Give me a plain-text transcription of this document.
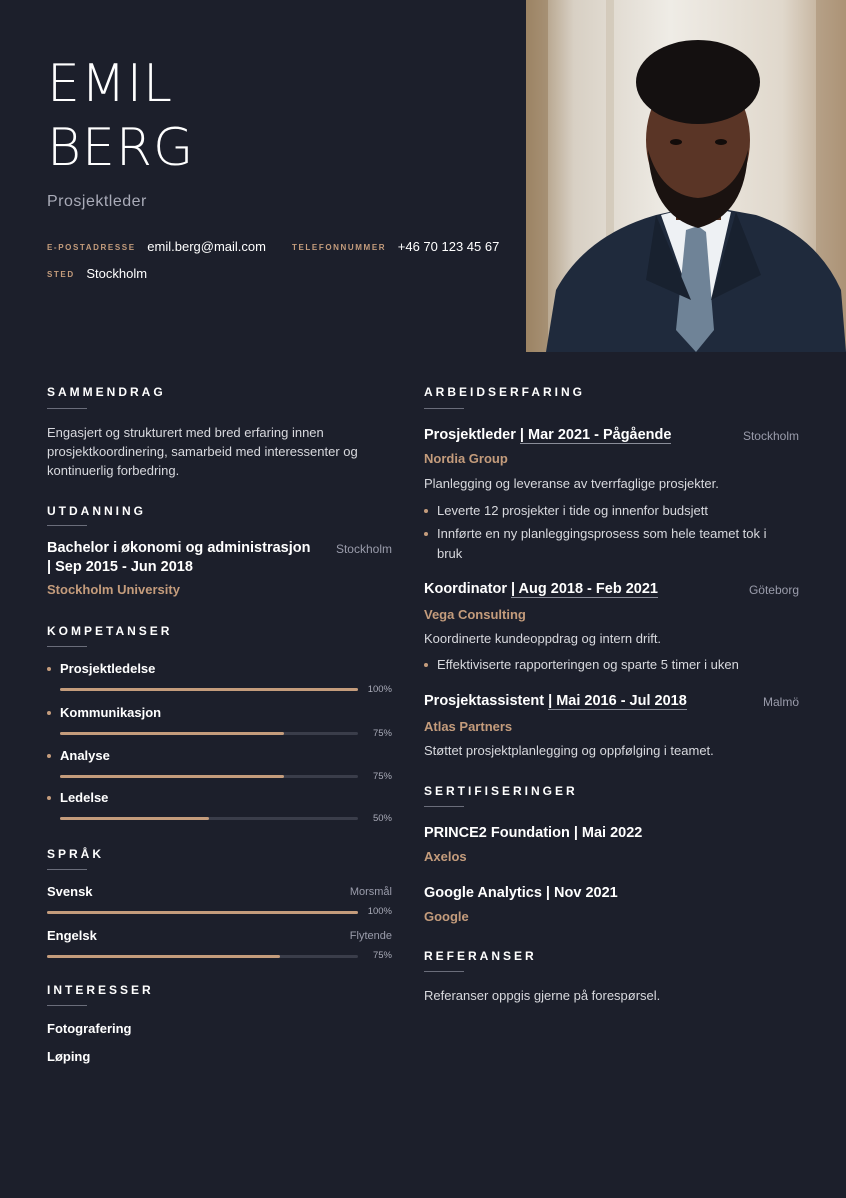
EMIL
BERG
Prosjektleder
E-POSTADRESSE emil.berg@mail.com	TELEFONNUMMER +46 70 123 45 67
STED Stockholm
SAMMENDRAG
Engasjert og strukturert med bred erfaring innen
prosjektkoordinering, samarbeid med interessenter og
kontinuerlig forbedring.
UTDANNING
Bachelor i økonomi og administrasjon
| Sep 2015 - Jun 2018
Stockholm
Stockholm University
KOMPETANSER
Prosjektledelse
100%
Kommunikasjon
75%
Analyse
75%
Ledelse
50%
SPRÅK
Svensk	Morsmål
100%
Engelsk	Flytende
75%
INTERESSER
Fotografering
Løping
ARBEIDSERFARING
Prosjektleder | Mar 2021 - Pågående	Stockholm
Nordia Group
Planlegging og leveranse av tverrfaglige prosjekter.
Leverte 12 prosjekter i tide og innenfor budsjett
Innførte en ny planleggingsprosess som hele teamet tok i
bruk
Koordinator | Aug 2018 - Feb 2021	Göteborg
Vega Consulting
Koordinerte kundeoppdrag og intern drift.
Effektiviserte rapporteringen og sparte 5 timer i uken
Prosjektassistent | Mai 2016 - Jul 2018	Malmö
Atlas Partners
Støttet prosjektplanlegging og oppfølging i teamet.
SERTIFISERINGER
PRINCE2 Foundation | Mai 2022
Axelos
Google Analytics | Nov 2021
Google
REFERANSER
Referanser oppgis gjerne på forespørsel.
